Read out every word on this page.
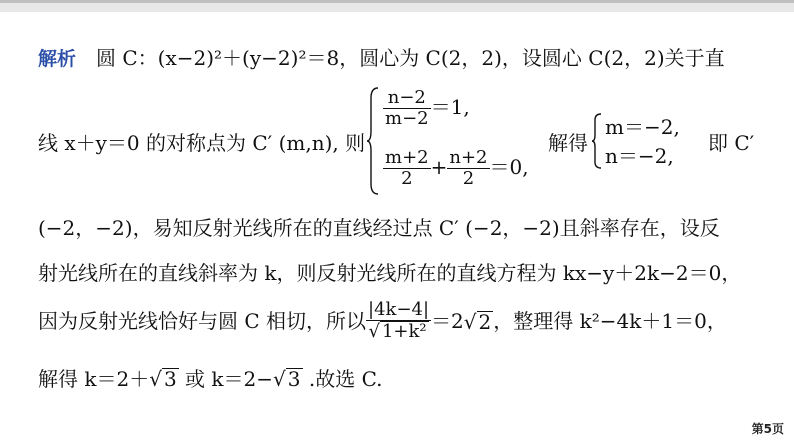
解析 圆 C：(x−2)²＋(y−2)²＝8，圆心为 C(2，2)，设圆心 C(2，2)关于直
线 x＋y＝0 的对称点为 C′ (m,n), 则
$\frac{n-2}{m-2} =1$,
$\frac{m+2}{2} + \frac{n+2}{2} =0$,
解得
m＝−2,
n＝−2,
即 C′
(−2，−2)，易知反射光线所在的直线经过点 C′ (−2，−2)且斜率存在，设反
射光线所在的直线斜率为 k，则反射光线所在的直线方程为 kx−y＋2k−2＝0，
因为反射光线恰好与圆 C 相切，所以 $\frac{|4k-4|}{\text{√ 1+k²}} =2√$ 2 ，整理得 k²−4k＋1＝0，
解得 k＝2＋√ 3 或 k＝2−√ 3 .故选 C.
第5页
